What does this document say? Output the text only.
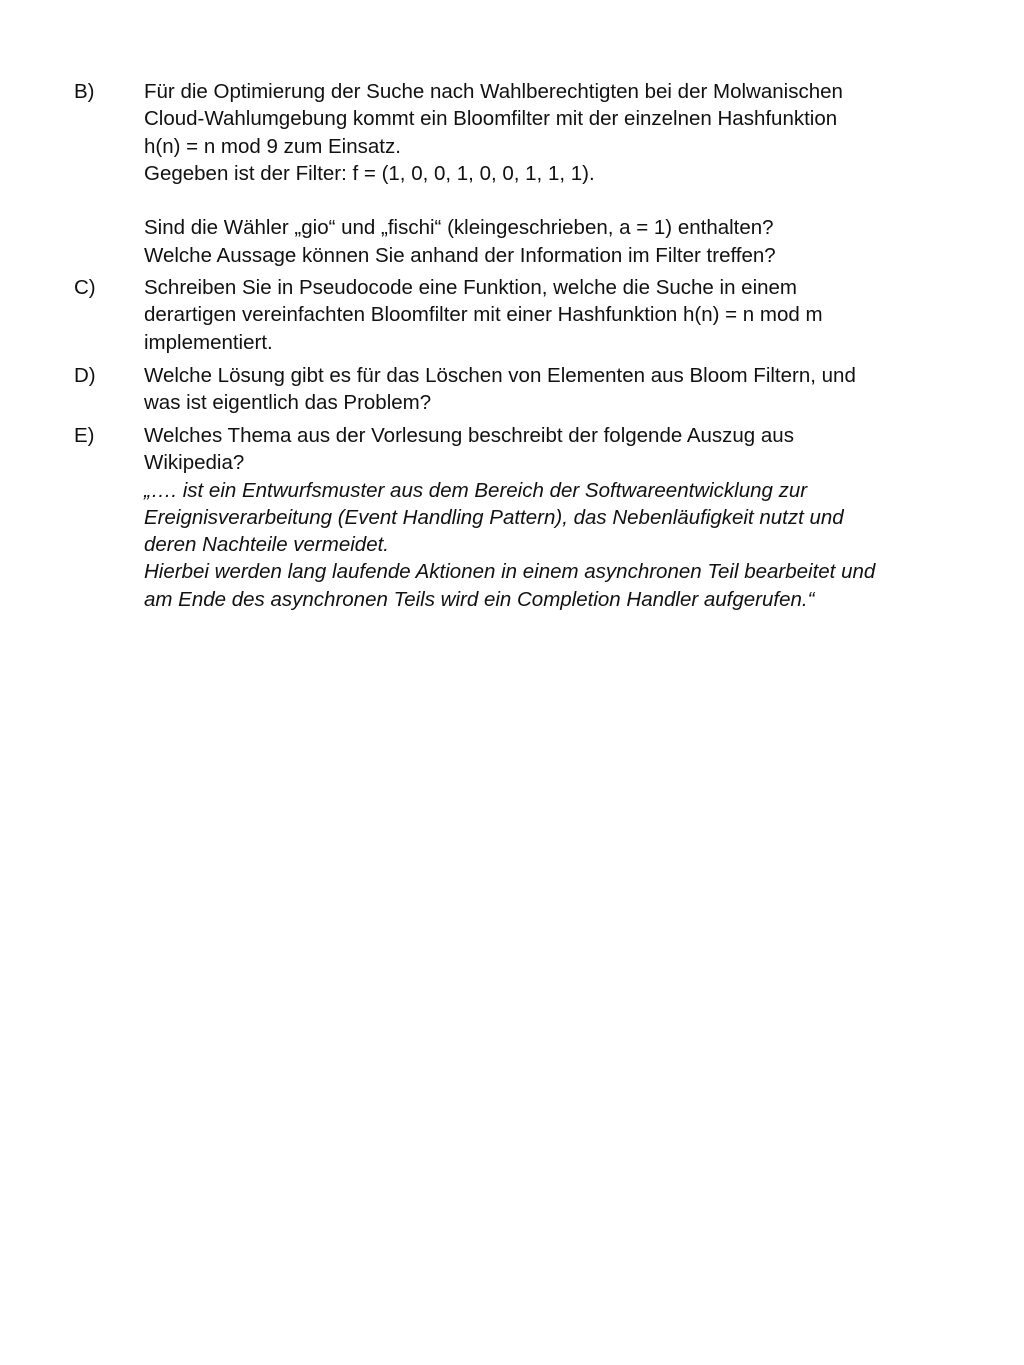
B) Für die Optimierung der Suche nach Wahlberechtigten bei der Molwanischen
Cloud-Wahlumgebung kommt ein Bloomfilter mit der einzelnen Hashfunktion
h(n) = n mod 9 zum Einsatz.
Gegeben ist der Filter: f = (1, 0, 0, 1, 0, 0, 1, 1, 1).
Sind die Wähler „gio“ und „fischi“ (kleingeschrieben, a = 1) enthalten?
Welche Aussage können Sie anhand der Information im Filter treffen?
C) Schreiben Sie in Pseudocode eine Funktion, welche die Suche in einem
derartigen vereinfachten Bloomfilter mit einer Hashfunktion h(n) = n mod m
implementiert.
D) Welche Lösung gibt es für das Löschen von Elementen aus Bloom Filtern, und
was ist eigentlich das Problem?
E) Welches Thema aus der Vorlesung beschreibt der folgende Auszug aus
Wikipedia?
„…. ist ein Entwurfsmuster aus dem Bereich der Softwareentwicklung zur
Ereignisverarbeitung (Event Handling Pattern), das Nebenläufigkeit nutzt und
deren Nachteile vermeidet.
Hierbei werden lang laufende Aktionen in einem asynchronen Teil bearbeitet und
am Ende des asynchronen Teils wird ein Completion Handler aufgerufen.“
